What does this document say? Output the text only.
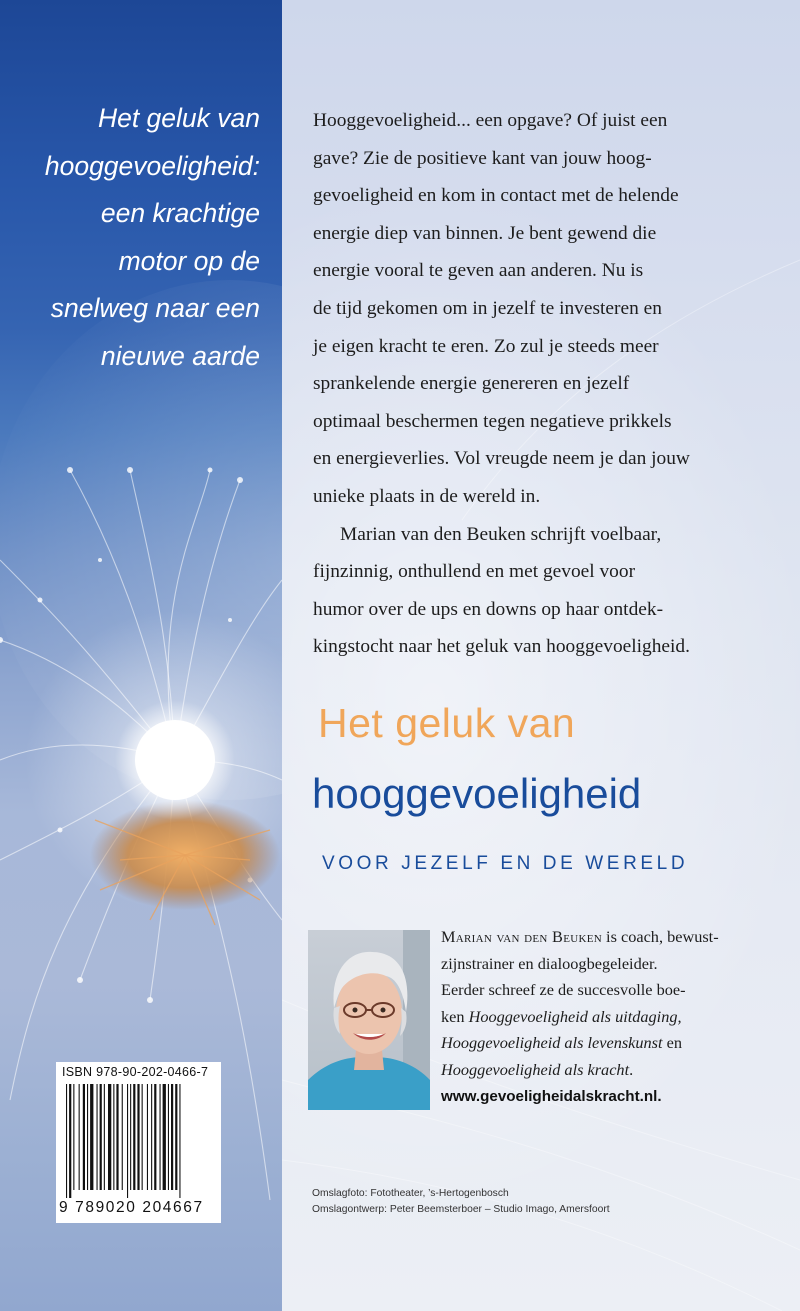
Het geluk van
hooggevoeligheid:
een krachtige
motor op de
snelweg naar een
nieuwe aarde
ISBN 978-90-202-0466-7
9 789020 204667

Hooggevoeligheid... een opgave? Of juist een
gave? Zie de positieve kant van jouw hoog-
gevoeligheid en kom in contact met de helende
energie diep van binnen. Je bent gewend die
energie vooral te geven aan anderen. Nu is
de tijd gekomen om in jezelf te investeren en
je eigen kracht te eren. Zo zul je steeds meer
sprankelende energie genereren en jezelf
optimaal beschermen tegen negatieve prikkels
en energieverlies. Vol vreugde neem je dan jouw
unieke plaats in de wereld in.

Marian van den Beuken schrijft voelbaar,
fijnzinnig, onthullend en met gevoel voor
humor over de ups en downs op haar ontdek-
kingstocht naar het geluk van hooggevoeligheid.

Het geluk van
hooggevoeligheid
VOOR JEZELF EN DE WERELD
Marian van den Beuken is coach, bewust-
zijnstrainer en dialoogbegeleider.
Eerder schreef ze de succesvolle boe-
ken Hooggevoeligheid als uitdaging,
Hooggevoeligheid als levenskunst en
Hooggevoeligheid als kracht.
www.gevoeligheidalskracht.nl.
Omslagfoto: Fototheater, ’s-Hertogenbosch
Omslagontwerp: Peter Beemsterboer – Studio Imago, Amersfoort
